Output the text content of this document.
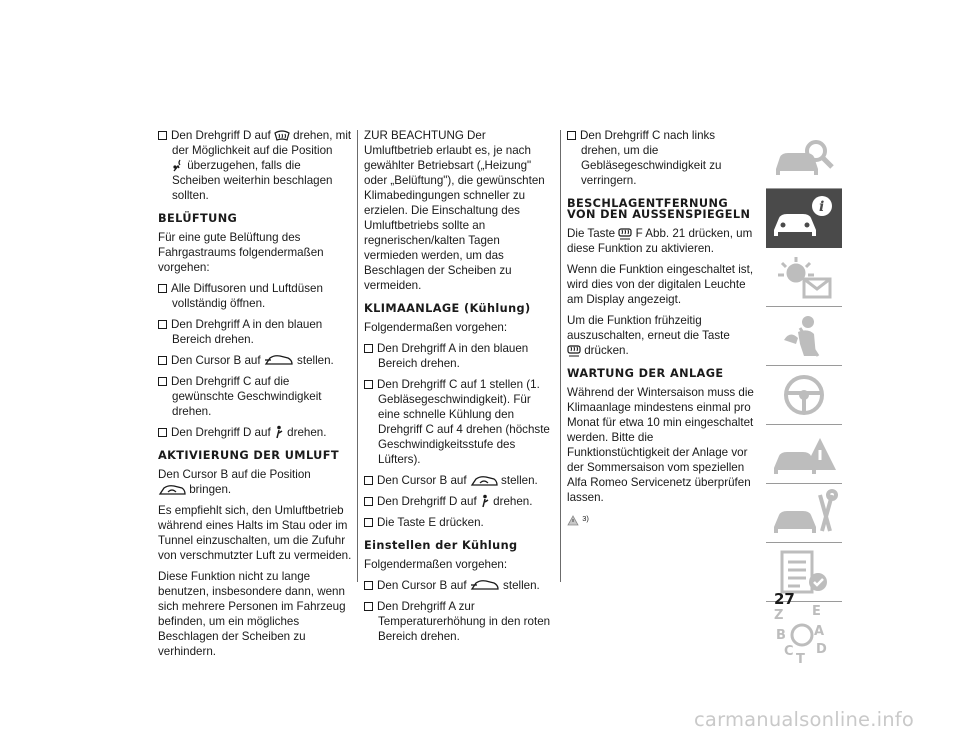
Den Drehgriff D auf drehen, mit der Möglichkeit auf die Position
überzugehen, falls die Scheiben weiterhin beschlagen sollten.

BELÜFTUNG

Für eine gute Belüftung des Fahrgastraums folgendermaßen vorgehen:

Alle Diffusoren und Luftdüsen vollständig öffnen.

Den Drehgriff A in den blauen Bereich drehen.

Den Cursor B auf	stellen.

Den Drehgriff C auf die gewünschte Geschwindigkeit drehen.

Den Drehgriff D auf drehen.

AKTIVIERUNG DER UMLUFT

Den Cursor B auf die Position
bringen.

Es empfiehlt sich, den Umluftbetrieb während eines Halts im Stau oder im Tunnel einzuschalten, um die Zufuhr von verschmutzter Luft zu vermeiden.

Diese Funktion nicht zu lange benutzen, insbesondere dann, wenn sich mehrere Personen im Fahrzeug befinden, um ein mögliches Beschlagen der Scheiben zu verhindern.

ZUR BEACHTUNG Der Umluftbetrieb erlaubt es, je nach gewählter Betriebsart („Heizung" oder „Belüftung"), die gewünschten Klimabedingungen schneller zu erzielen. Die Einschaltung des Umluftbetriebs sollte an regnerischen/kalten Tagen vermieden werden, um das Beschlagen der Scheiben zu vermeiden.

KLIMAANLAGE (Kühlung)

Folgendermaßen vorgehen:

Den Drehgriff A in den blauen Bereich drehen.

Den Drehgriff C auf 1 stellen (1. Gebläsegeschwindigkeit). Für eine schnelle Kühlung den Drehgriff C auf 4 drehen (höchste Geschwindigkeitsstufe des Lüfters).

Den Cursor B auf	stellen.

Den Drehgriff D auf drehen.

Die Taste E drücken.

Einstellen der Kühlung

Folgendermaßen vorgehen:

Den Cursor B auf	stellen.

Den Drehgriff A zur Temperaturerhöhung in den roten Bereich drehen.

Den Drehgriff C nach links drehen, um die Gebläsegeschwindigkeit zu verringern.

BESCHLAGENTFERNUNG VON DEN AUSSENSPIEGELN

Die Taste F Abb. 21 drücken, um diese Funktion zu aktivieren.

Wenn die Funktion eingeschaltet ist, wird dies von der digitalen Leuchte am Display angezeigt.

Um die Funktion frühzeitig auszuschalten, erneut die Taste
drücken.

WARTUNG DER ANLAGE

Während der Wintersaison muss die Klimaanlage mindestens einmal pro Monat für etwa 10 min eingeschaltet werden. Bitte die Funktionstüchtigkeit der Anlage vor der Sommersaison vom speziellen Alfa Romeo Servicenetz überprüfen lassen.

3)

i
Z E
B A
C
T
D
27
carmanualsonline.info
